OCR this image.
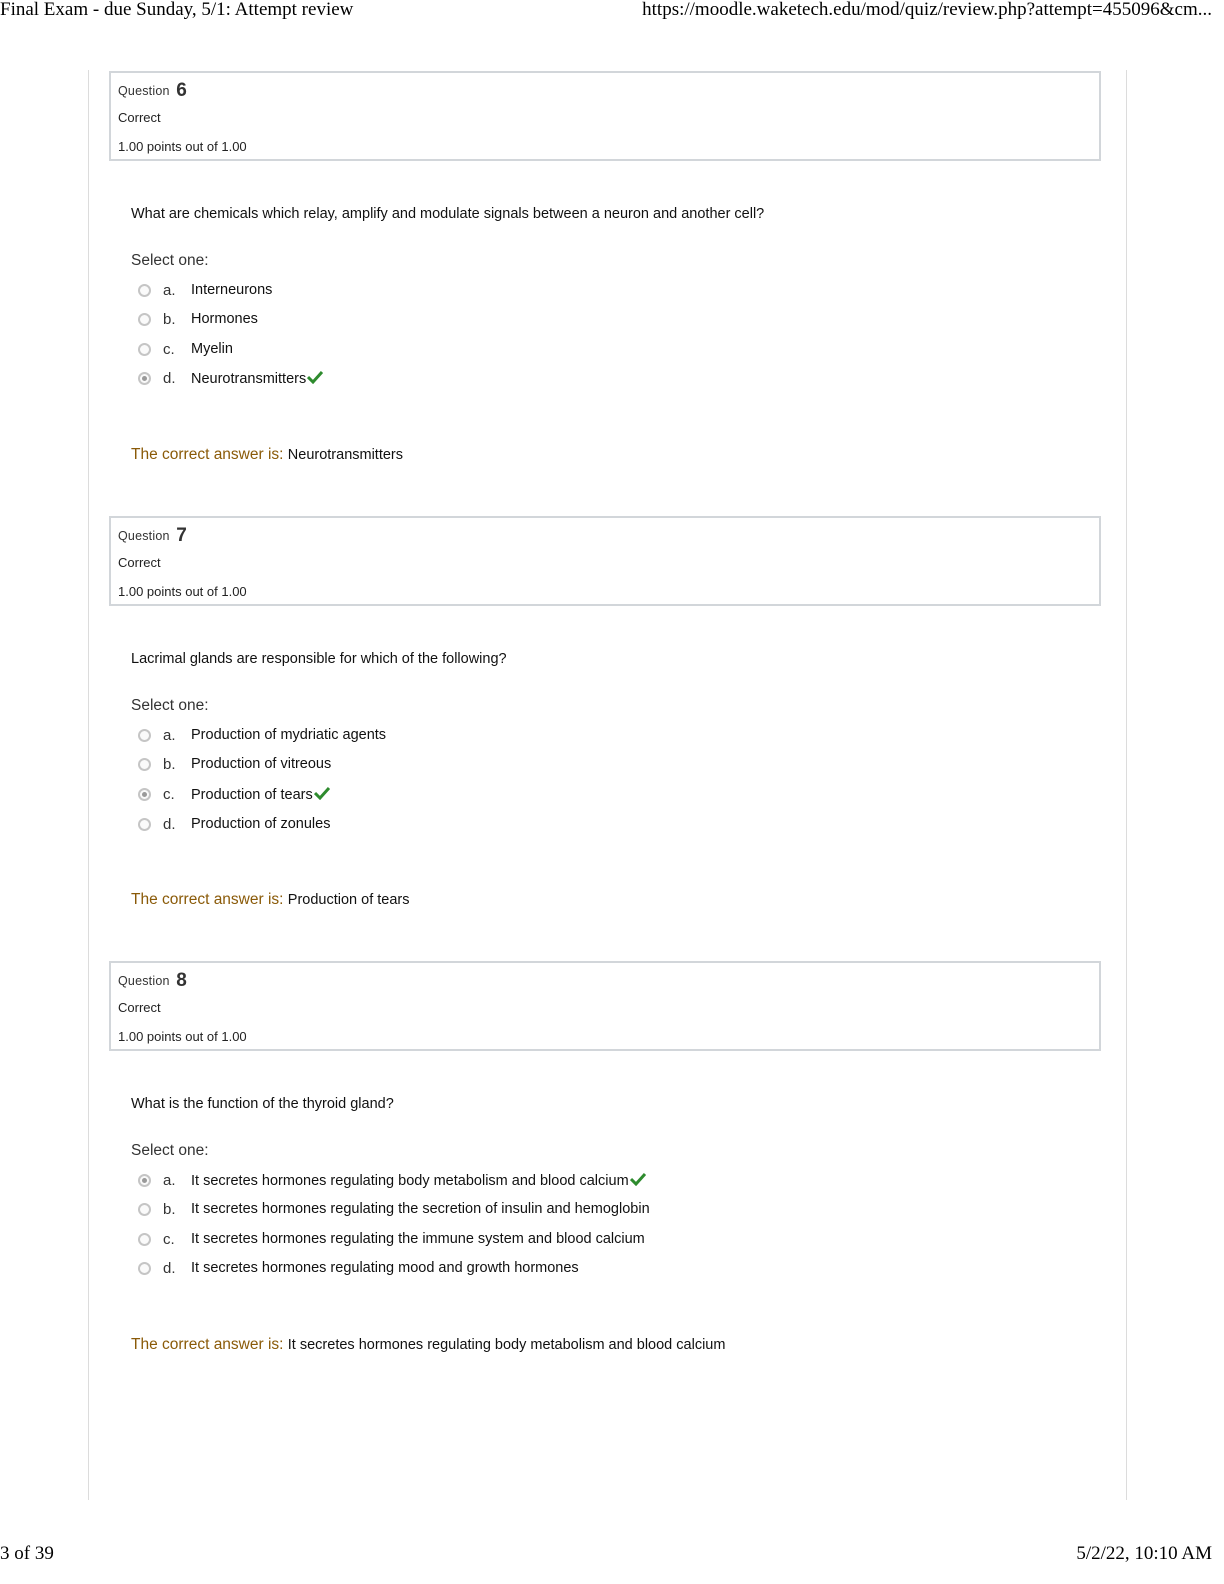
Final Exam - due Sunday, 5/1: Attempt review	https://moodle.waketech.edu/mod/quiz/review.php?attempt=455096&cm...
Question 6
Correct
1.00 points out of 1.00
What are chemicals which relay, amplify and modulate signals between a neuron and another cell?
Select one:
a.	Interneurons
b.	Hormones
c.	Myelin
d.	Neurotransmitters
The correct answer is: Neurotransmitters
Question 7
Correct
1.00 points out of 1.00
Lacrimal glands are responsible for which of the following?
Select one:
a.	Production of mydriatic agents
b.	Production of vitreous
c.	Production of tears
d.	Production of zonules
The correct answer is: Production of tears
Question 8
Correct
1.00 points out of 1.00
What is the function of the thyroid gland?
Select one:
a.	It secretes hormones regulating body metabolism and blood calcium
b.	It secretes hormones regulating the secretion of insulin and hemoglobin
c.	It secretes hormones regulating the immune system and blood calcium
d.	It secretes hormones regulating mood and growth hormones
The correct answer is: It secretes hormones regulating body metabolism and blood calcium
3 of 39	5/2/22, 10:10 AM
